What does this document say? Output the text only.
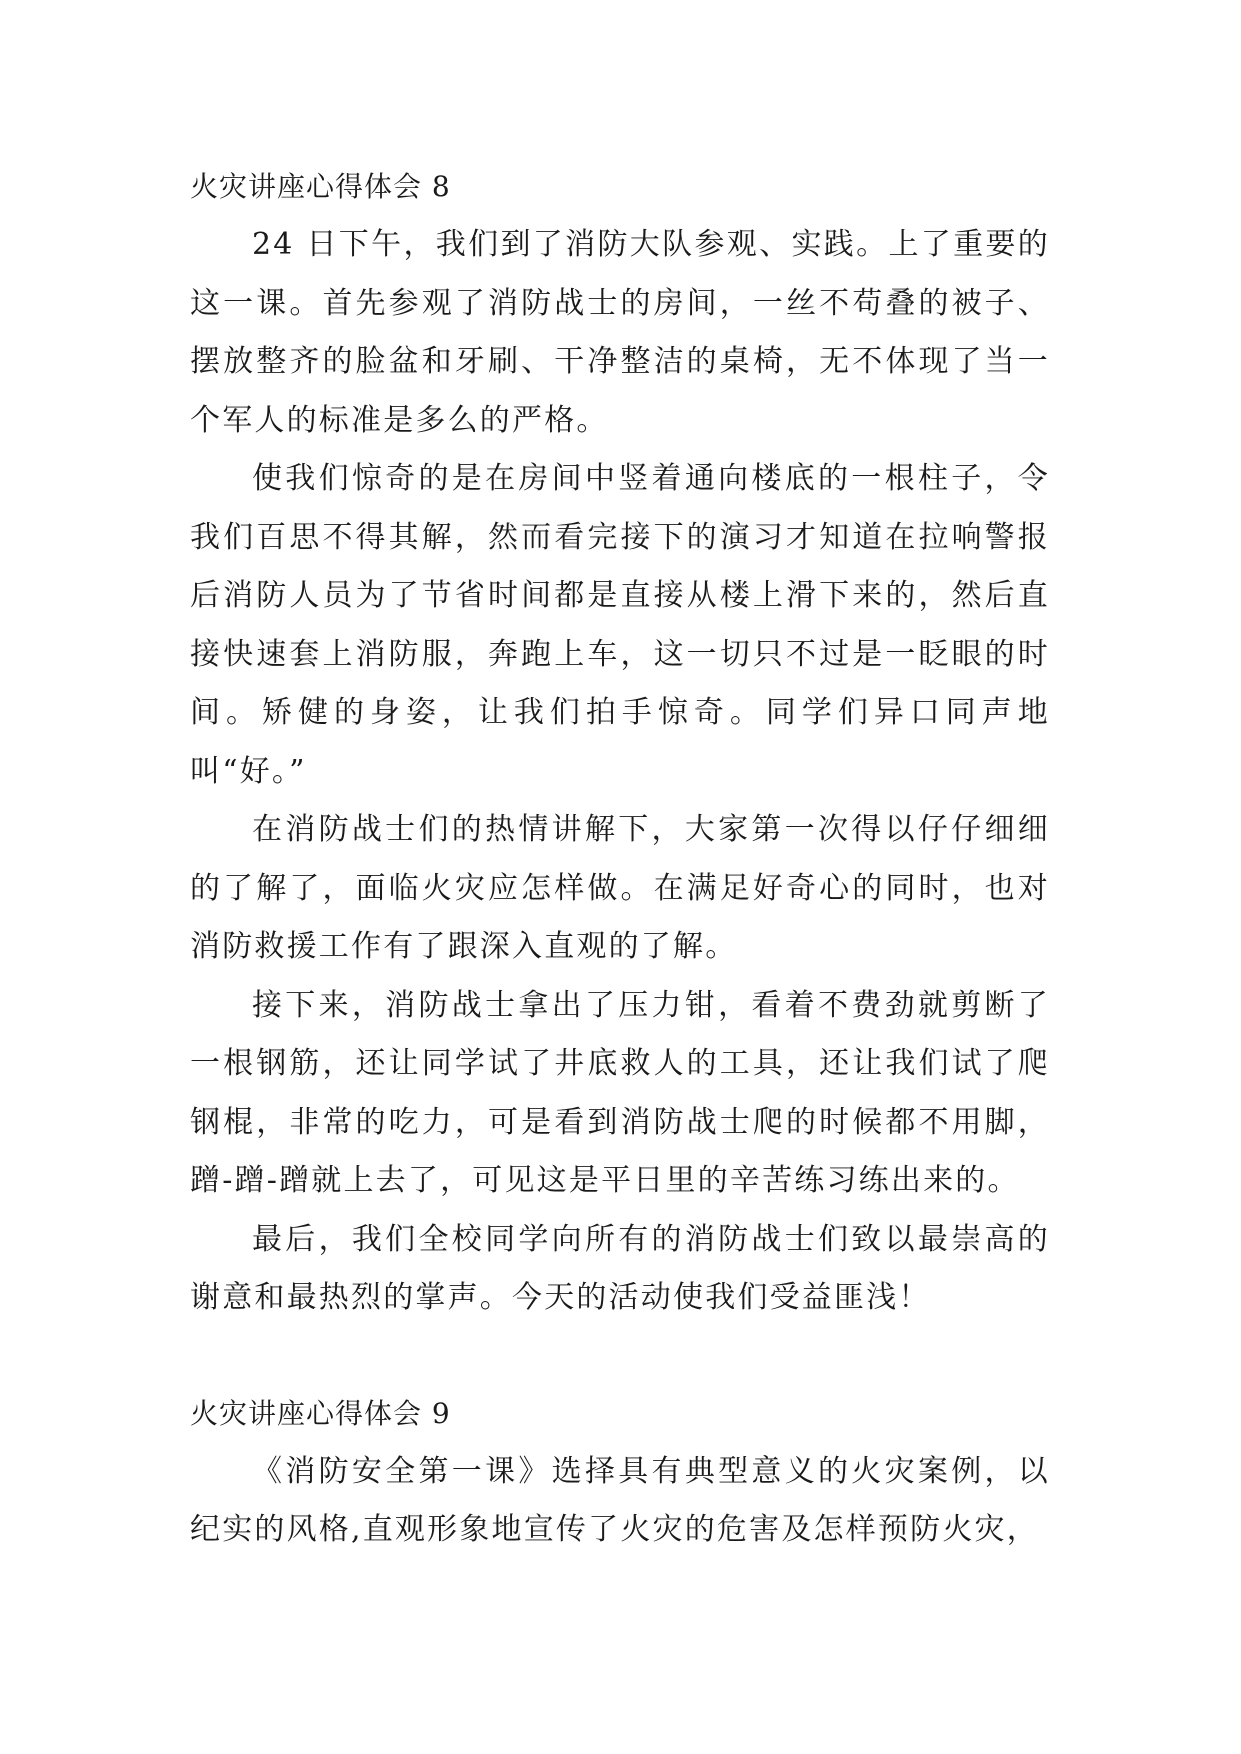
火灾讲座心得体会 8

24 日下午，我们到了消防大队参观、实践。上了重要的这一课。首先参观了消防战士的房间，一丝不苟叠的被子、摆放整齐的脸盆和牙刷、干净整洁的桌椅，无不体现了当一个军人的标准是多么的严格。

使我们惊奇的是在房间中竖着通向楼底的一根柱子，令我们百思不得其解，然而看完接下的演习才知道在拉响警报后消防人员为了节省时间都是直接从楼上滑下来的，然后直接快速套上消防服，奔跑上车，这一切只不过是一眨眼的时间。矫健的身姿，让我们拍手惊奇。同学们异口同声地叫“好。”

在消防战士们的热情讲解下，大家第一次得以仔仔细细的了解了，面临火灾应怎样做。在满足好奇心的同时，也对消防救援工作有了跟深入直观的了解。

接下来，消防战士拿出了压力钳，看着不费劲就剪断了一根钢筋，还让同学试了井底救人的工具，还让我们试了爬钢棍，非常的吃力，可是看到消防战士爬的时候都不用脚，蹭-蹭-蹭就上去了，可见这是平日里的辛苦练习练出来的。

最后，我们全校同学向所有的消防战士们致以最崇高的谢意和最热烈的掌声。今天的活动使我们受益匪浅！

火灾讲座心得体会 9

《消防安全第一课》选择具有典型意义的火灾案例，以纪实的风格,直观形象地宣传了火灾的危害及怎样预防火灾，
